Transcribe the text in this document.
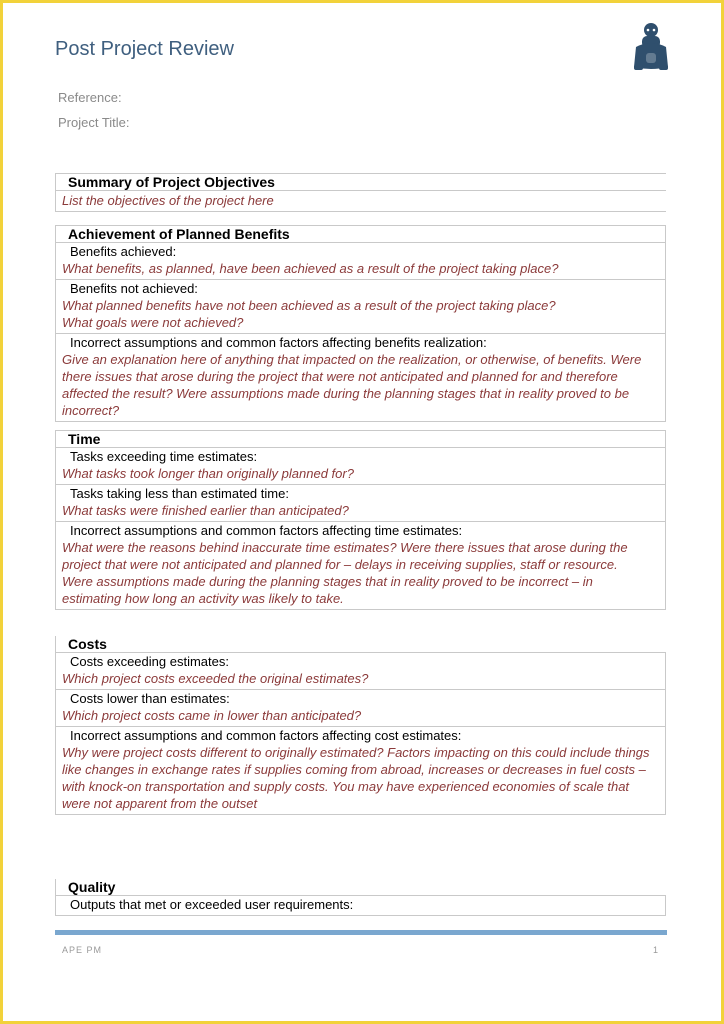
Post Project Review
Reference:
Project Title:
Summary of Project Objectives
List the objectives of the project here
Achievement of Planned Benefits
Benefits achieved:
What benefits, as planned, have been achieved as a result of the project taking place?
Benefits not achieved:
What planned benefits have not been achieved as a result of the project taking place?
What goals were not achieved?
Incorrect assumptions and common factors affecting benefits realization:
Give an explanation here of anything that impacted on the realization, or otherwise, of benefits. Were there issues that arose during the project that were not anticipated and planned for and therefore affected the result? Were assumptions made during the planning stages that in reality proved to be incorrect?
Time
Tasks exceeding time estimates:
What tasks took longer than originally planned for?
Tasks taking less than estimated time:
What tasks were finished earlier than anticipated?
Incorrect assumptions and common factors affecting time estimates:
What were the reasons behind inaccurate time estimates? Were there issues that arose during the project that were not anticipated and planned for – delays in receiving supplies, staff or resource. Were assumptions made during the planning stages that in reality proved to be incorrect – in estimating how long an activity was likely to take.
Costs
Costs exceeding estimates:
Which project costs exceeded the original estimates?
Costs lower than estimates:
Which project costs came in lower than anticipated?
Incorrect assumptions and common factors affecting cost estimates:
Why were project costs different to originally estimated? Factors impacting on this could include things like changes in exchange rates if supplies coming from abroad, increases or decreases in fuel costs – with knock-on transportation and supply costs. You may have experienced economies of scale that were not apparent from the outset
Quality
Outputs that met or exceeded user requirements:
APE PM	1
